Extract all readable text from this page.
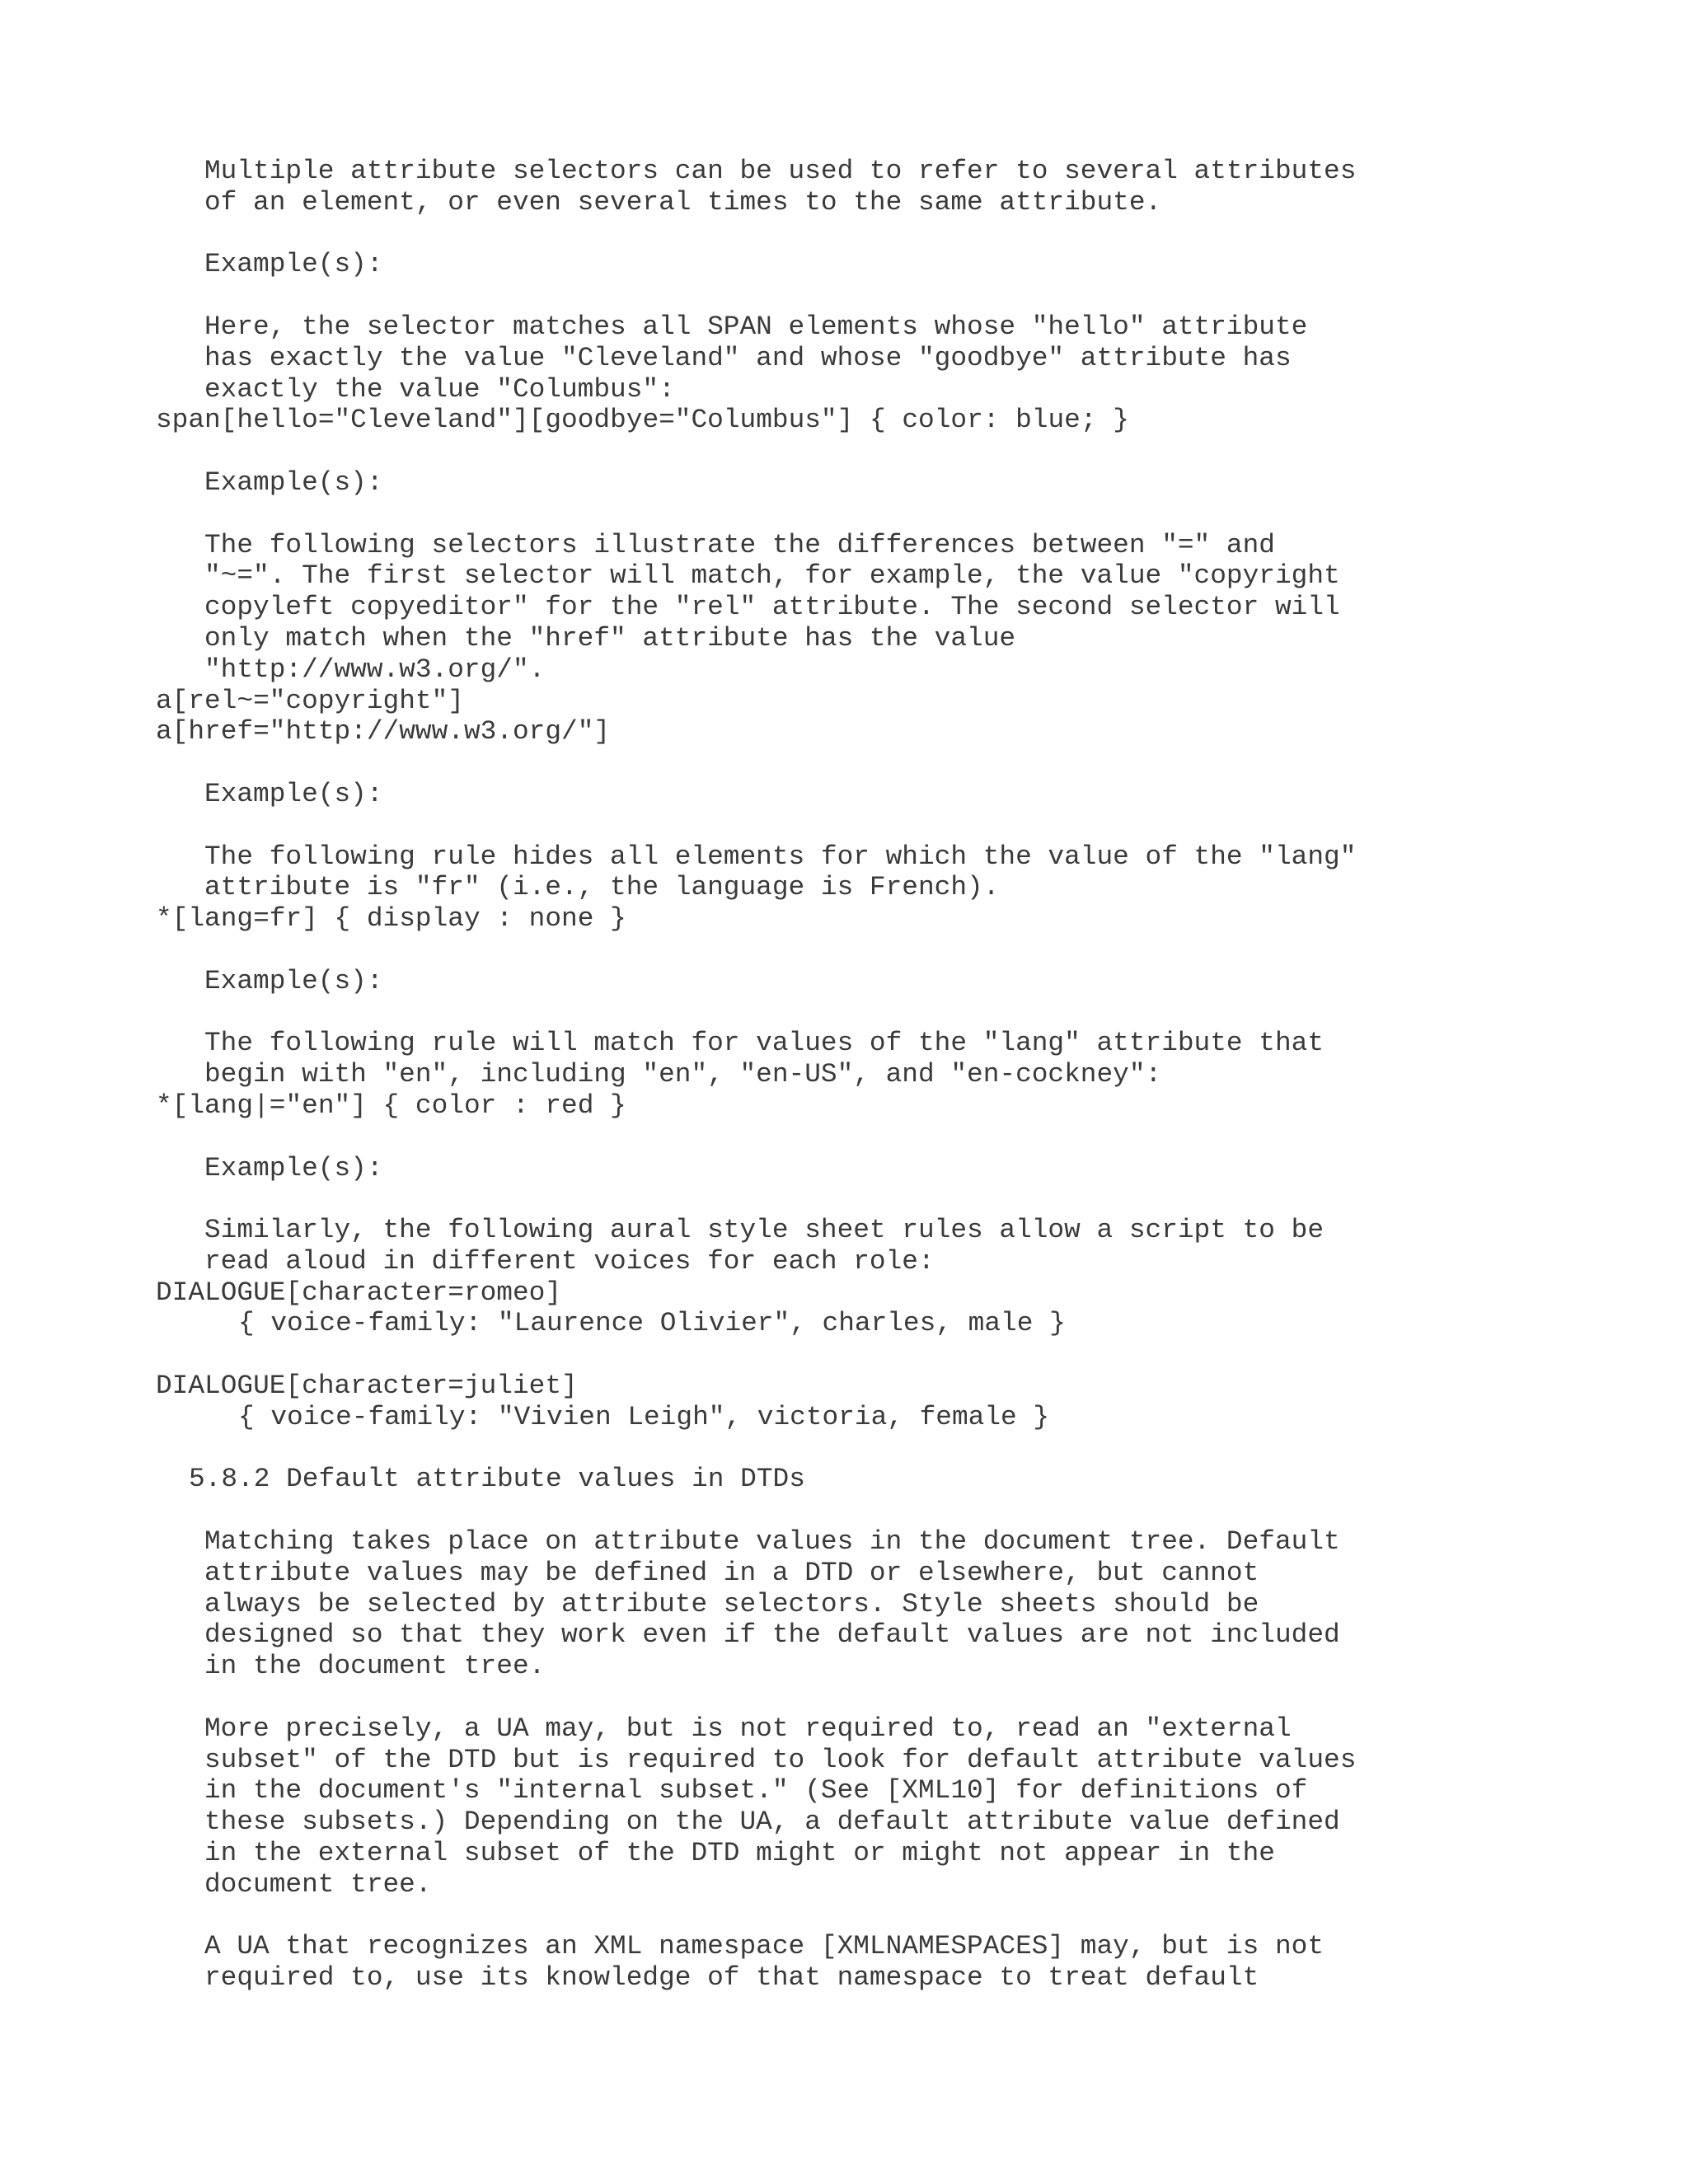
Multiple attribute selectors can be used to refer to several attributes
of an element, or even several times to the same attribute.
Example(s):
Here, the selector matches all SPAN elements whose "hello" attribute
has exactly the value "Cleveland" and whose "goodbye" attribute has
exactly the value "Columbus":
span[hello="Cleveland"][goodbye="Columbus"] { color: blue; }
Example(s):
The following selectors illustrate the differences between "=" and
"~=". The first selector will match, for example, the value "copyright
copyleft copyeditor" for the "rel" attribute. The second selector will
only match when the "href" attribute has the value
"http://www.w3.org/".
a[rel~="copyright"]
a[href="http://www.w3.org/"]
Example(s):
The following rule hides all elements for which the value of the "lang"
attribute is "fr" (i.e., the language is French).
*[lang=fr] { display : none }
Example(s):
The following rule will match for values of the "lang" attribute that
begin with "en", including "en", "en-US", and "en-cockney":
*[lang|="en"] { color : red }
Example(s):
Similarly, the following aural style sheet rules allow a script to be
read aloud in different voices for each role:
DIALOGUE[character=romeo]
{ voice-family: "Laurence Olivier", charles, male }
DIALOGUE[character=juliet]
{ voice-family: "Vivien Leigh", victoria, female }
5.8.2 Default attribute values in DTDs
Matching takes place on attribute values in the document tree. Default
attribute values may be defined in a DTD or elsewhere, but cannot
always be selected by attribute selectors. Style sheets should be
designed so that they work even if the default values are not included
in the document tree.
More precisely, a UA may, but is not required to, read an "external
subset" of the DTD but is required to look for default attribute values
in the document's "internal subset." (See [XML10] for definitions of
these subsets.) Depending on the UA, a default attribute value defined
in the external subset of the DTD might or might not appear in the
document tree.
A UA that recognizes an XML namespace [XMLNAMESPACES] may, but is not
required to, use its knowledge of that namespace to treat default
